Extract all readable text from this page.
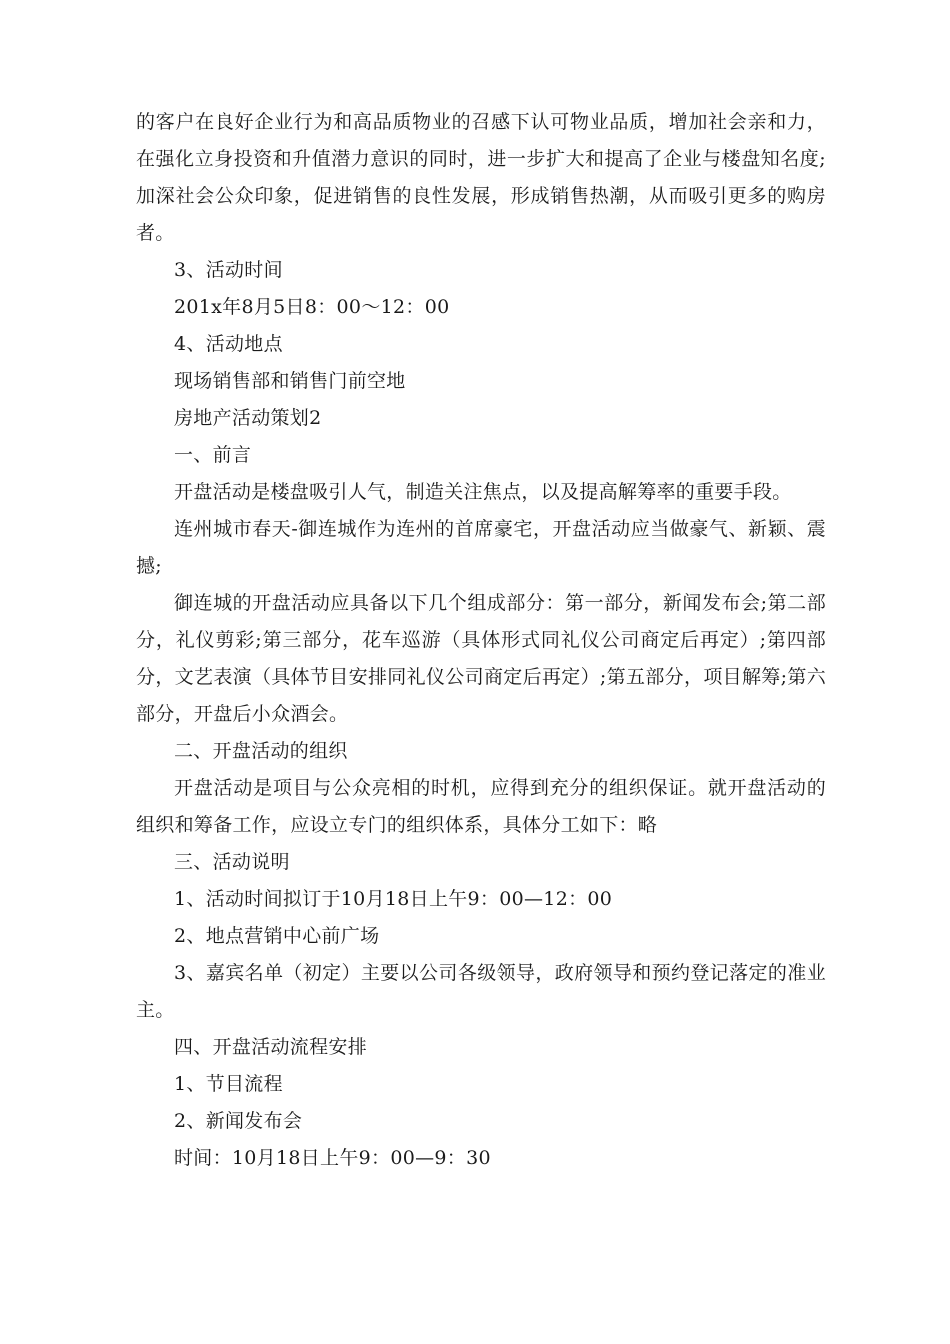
的客户在良好企业行为和高品质物业的召感下认可物业品质，增加社会亲和力，在强化立身投资和升值潜力意识的同时，进一步扩大和提高了企业与楼盘知名度;加深社会公众印象，促进销售的良性发展，形成销售热潮，从而吸引更多的购房者。

3、活动时间

201x年8月5日8：00～12：00

4、活动地点

现场销售部和销售门前空地

房地产活动策划2

一、前言

开盘活动是楼盘吸引人气，制造关注焦点，以及提高解筹率的重要手段。

连州城市春天-御连城作为连州的首席豪宅，开盘活动应当做豪气、新颖、震撼;

御连城的开盘活动应具备以下几个组成部分：第一部分，新闻发布会;第二部分，礼仪剪彩;第三部分，花车巡游（具体形式同礼仪公司商定后再定）;第四部分，文艺表演（具体节目安排同礼仪公司商定后再定）;第五部分，项目解筹;第六部分，开盘后小众酒会。

二、开盘活动的组织

开盘活动是项目与公众亮相的时机，应得到充分的组织保证。就开盘活动的组织和筹备工作，应设立专门的组织体系，具体分工如下：略

三、活动说明

1、活动时间拟订于10月18日上午9：00—12：00

2、地点营销中心前广场

3、嘉宾名单（初定）主要以公司各级领导，政府领导和预约登记落定的准业主。

四、开盘活动流程安排

1、节目流程

2、新闻发布会

时间：10月18日上午9：00—9：30
